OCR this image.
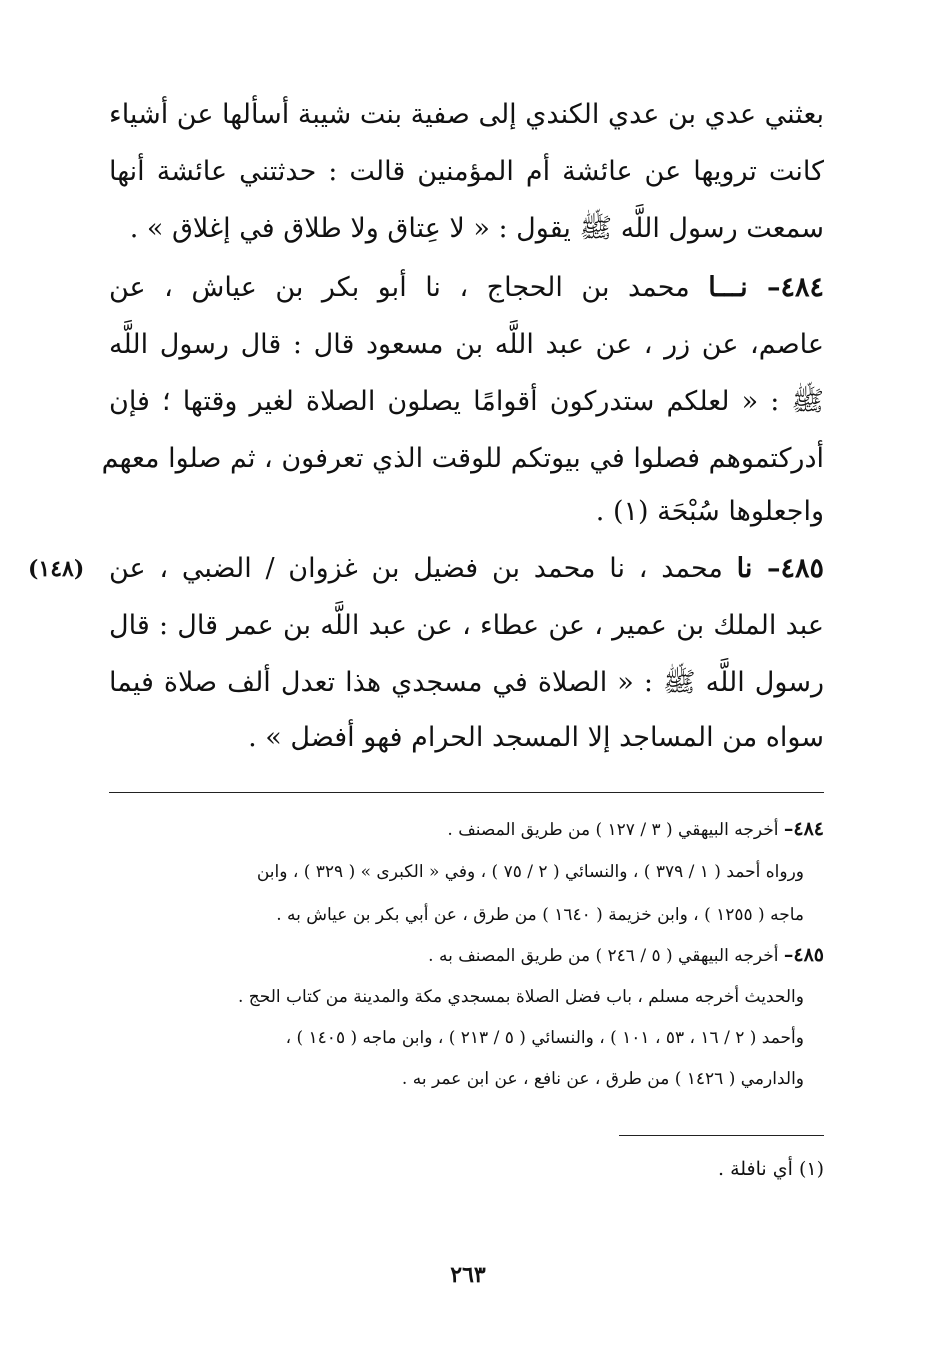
بعثني عدي بن عدي الكندي إلى صفية بنت شيبة أسألها عن أشياء
كانت ترويها عن عائشة أم المؤمنين قالت : حدثتني عائشة أنها
سمعت رسول اللَّه ﷺ يقول : « لا عِتاق ولا طلاق في إغلاق » .
٤٨٤– نـــا محمد بن الحجاج ، نا أبو بكر بن عياش ، عن
عاصم، عن زر ، عن عبد اللَّه بن مسعود قال : قال رسول اللَّه
ﷺ : « لعلكم ستدركون أقوامًا يصلون الصلاة لغير وقتها ؛ فإن
أدركتموهم فصلوا في بيوتكم للوقت الذي تعرفون ، ثم صلوا معهم
واجعلوها سُبْحَة (١) .
(١٤٨)	٤٨٥– نا محمد ، نا محمد بن فضيل بن غزوان / الضبي ، عن
عبد الملك بن عمير ، عن عطاء ، عن عبد اللَّه بن عمر قال : قال
رسول اللَّه ﷺ : « الصلاة في مسجدي هذا تعدل ألف صلاة فيما
سواه من المساجد إلا المسجد الحرام فهو أفضل » .
٤٨٤– أخرجه البيهقي ( ٣ / ١٢٧ ) من طريق المصنف .
ورواه أحمد ( ١ / ٣٧٩ ) ، والنسائي ( ٢ / ٧٥ ) ، وفي « الكبرى » ( ٣٢٩ ) ، وابن
ماجه ( ١٢٥٥ ) ، وابن خزيمة ( ١٦٤٠ ) من طرق ، عن أبي بكر بن عياش به .
٤٨٥– أخرجه البيهقي ( ٥ / ٢٤٦ ) من طريق المصنف به .
والحديث أخرجه مسلم ، باب فضل الصلاة بمسجدي مكة والمدينة من كتاب الحج .
وأحمد ( ٢ / ١٦ ، ٥٣ ، ١٠١ ) ، والنسائي ( ٥ / ٢١٣ ) ، وابن ماجه ( ١٤٠٥ ) ،
والدارمي ( ١٤٢٦ ) من طرق ، عن نافع ، عن ابن عمر به .
(١) أي نافلة .
٢٦٣
